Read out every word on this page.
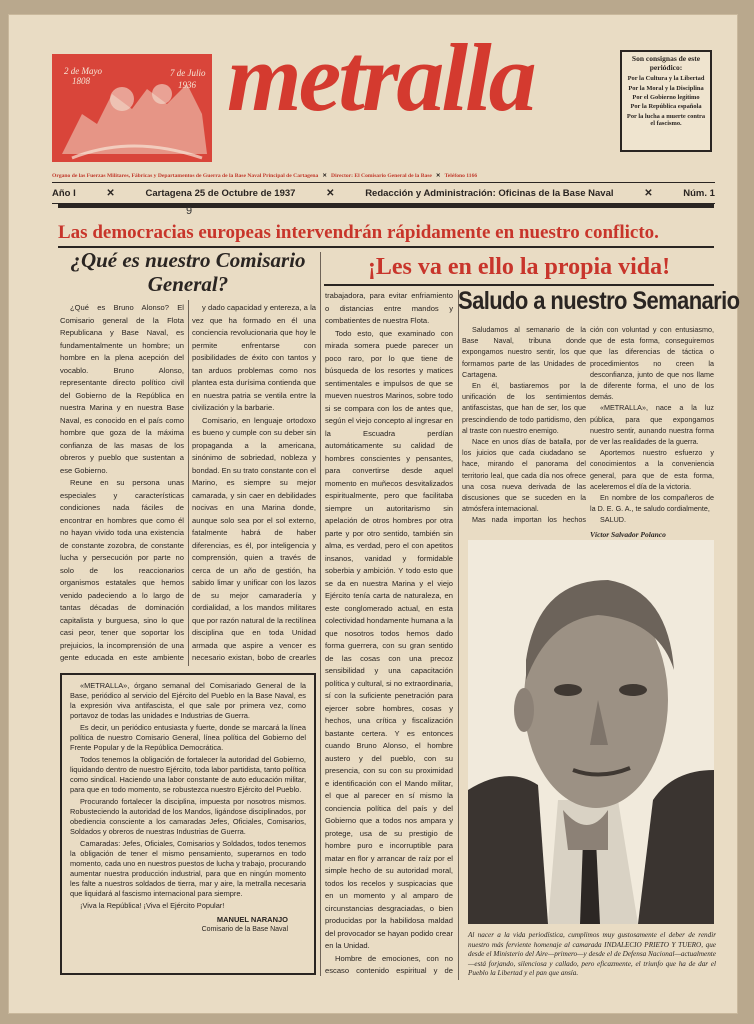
2 de Mayo	7 de Julio
1808	1936 metralla	Son consignas de este periódico:
Por la Cultura y la Libertad
Por la Moral y la Disciplina
Por el Gobierno legítimo
Por la República española
Por la lucha a muerte contra el fascismo.
Organo de las Fuerzas Militares, Fábricas y Departamentos de Guerra de la Base Naval Principal de Cartagena ✕ Director: El Comisario General de la Base ✕ Teléfono 1166
Año I	✕	Cartagena 25 de Octubre de 1937	✕	Redacción y Administración: Oficinas de la Base Naval	✕	Núm. 1
9
Las democracias europeas intervendrán rápidamente en nuestro conflicto.
¿Qué es nuestro Comisario General?

¿Qué es Bruno Alonso? El Comisario general de la Flota Republicana y Base Naval, es fundamentalmente un hombre; un hombre en la plena acepción del vocablo. Bruno Alonso, representante directo político civil del Gobierno de la República en nuestra Marina y en nuestra Base Naval, es conocido en el país como hombre que goza de la máxima confianza de las masas de los obreros y pueblo que sustentan a ese Gobierno.

Reune en su persona unas especiales y características condiciones nada fáciles de encontrar en hombres que como él no hayan vivido toda una existencia de constante zozobra, de constante lucha y persecución por parte no solo de los reaccionarios organismos estatales que hemos venido padeciendo a lo largo de tantas décadas de dominación capitalista y burguesa, sino lo que casi peor, tener que soportar los prejuicios, la incomprensión de una gente educada en este ambiente

y dado capacidad y entereza, a la vez que ha formado en él una conciencia revolucionaria que hoy le permite enfrentarse con posibilidades de éxito con tantos y tan arduos problemas como nos plantea esta durísima contienda que en nuestra patria se ventila entre la civilización y la barbarie.

Comisario, en lenguaje ortodoxo es bueno y cumple con su deber sin propaganda a la americana, sinónimo de sobriedad, nobleza y bondad. En su trato constante con el Marino, es siempre su mejor camarada, y sin caer en debilidades nocivas en una Marina donde, aunque solo sea por el sol externo, fatalmente habrá de haber diferencias, es él, por inteligencia y comprensión, quien a través de cerca de un año de gestión, ha sabido limar y unificar con los lazos de su mejor camaradería y cordialidad, a los mandos militares que por razón natural de la rectilínea disciplina que en toda Unidad armada que aspire a vencer es necesario existan, bobo de crearles

«METRALLA», órgano semanal del Comisariado General de la Base, periódico al servicio del Ejército del Pueblo en la Base Naval, es la expresión viva antifascista, el que sale por primera vez, como portavoz de todas las unidades e Industrias de Guerra.

Es decir, un periódico entusiasta y fuerte, donde se marcará la línea política de nuestro Comisario General, línea política del Gobierno del Frente Popular y de la República Democrática.

Todos tenemos la obligación de fortalecer la autoridad del Gobierno, liquidando dentro de nuestro Ejército, toda labor partidista, tanto política como sindical. Haciendo una labor constante de auto educación militar, para que en todo momento, se robustezca nuestro Ejército del Pueblo.

Procurando fortalecer la disciplina, impuesta por nosotros mismos. Robusteciendo la autoridad de los Mandos, ligándose disciplinados, por obediencia consciente a los camaradas Jefes, Oficiales, Comisarios, Soldados y obreros de nuestras Industrias de Guerra.

Camaradas: Jefes, Oficiales, Comisarios y Soldados, todos tenemos la obligación de tener el mismo pensamiento, superarnos en todo momento, cada uno en nuestros puestos de lucha y trabajo, procurando aumentar nuestra producción industrial, para que en ningún momento les falte a nuestros soldados de tierra, mar y aire, la metralla necesaria que liquidará al fascismo internacional para siempre.

¡Viva la República! ¡Viva el Ejército Popular!

MANUEL NARANJO
Comisario de la Base Naval
¡Les va en ello la propia vida!

trabajadora, para evitar enfriamiento o distancias entre mandos y combatientes de nuestra Flota.

Todo esto, que examinado con mirada somera puede parecer un poco raro, por lo que tiene de búsqueda de los resortes y matices sentimentales e impulsos de que se mueven nuestros Marinos, sobre todo si se compara con los de antes que, según el viejo concepto al ingresar en la Escuadra perdían automáticamente su calidad de hombres conscientes y pensantes, para convertirse desde aquel momento en muñecos desvitalizados espiritualmente, pero que facilitaba siempre un autoritarismo sin apelación de otros hombres por otra parte y por otro sentido, también sin alma, es verdad, pero el con apetitos insanos, vanidad y formidable soberbia y ambición. Y todo esto que se da en nuestra Marina y el viejo Ejército tenía carta de naturaleza, en este conglomerado actual, en esta colectividad hondamente humana a la que nosotros todos hemos dado forma guerrera, con su gran sentido de las cosas con una precoz sensibilidad y una capacitación política y cultural, si no extraordinaria, sí con la suficiente penetración para ejercer sobre hombres, cosas y hechos, una crítica y fiscalización bastante certera. Y es entonces cuando Bruno Alonso, el hombre austero y del pueblo, con su presencia, con su con su proximidad e identificación con el Mando militar, el que al parecer en sí mismo la conciencia política del país y del Gobierno que a todos nos ampara y protege, usa de su prestigio de hombre puro e incorruptible para matar en flor y arrancar de raíz por el simple hecho de su autoridad moral, todos los recelos y suspicacias que en un momento y al amparo de circunstancias desgraciadas, o bien producidas por la habilidosa maldad del provocador se hayan podido crear en la Unidad.

Hombre de emociones, con no escaso contenido espiritual y de

Saludo a nuestro Semanario

Saludamos al semanario de la Base Naval, tribuna donde expongamos nuestro sentir, los que formamos parte de las Unidades de Cartagena.

En él, bastiaremos por la unificación de los sentimientos antifascistas, que han de ser, los que prescindiendo de todo partidismo, den al traste con nuestro enemigo.

Nace en unos días de batalla, por los juicios que cada ciudadano se hace, mirando el panorama del territorio leal, que cada día nos ofrece una cosa nueva derivada de las discusiones que se suceden en la atmósfera internacional.

Mas nada importan los hechos

ción con voluntad y con entusiasmo, que de esta forma, conseguiremos que las diferencias de táctica o procedimientos no creen la desconfianza, junto de que nos llame de diferente forma, el uno de los demás.

«METRALLA», nace a la luz pública, para que expongamos nuestro sentir, aunando nuestra forma de ver las realidades de la guerra.

Aportemos nuestro esfuerzo y conocimientos a la conveniencia general, para que de esta forma, aceleremos el día de la victoria.

En nombre de los compañeros de la D. E. G. A., te saludo cordialmente,

SALUD.

Víctor Salvador Polanco
Al nacer a la vida periodística, cumplimos muy gustosamente el deber de rendir nuestro más ferviente homenaje al camarada INDALECIO PRIETO Y TUERO, que desde el Ministerio del Aire—primero—y desde el de Defensa Nacional—actualmente—está forjando, silenciosa y callado, pero eficazmente, el triunfo que ha de dar el Pueblo la Libertad y el pan que ansía.
